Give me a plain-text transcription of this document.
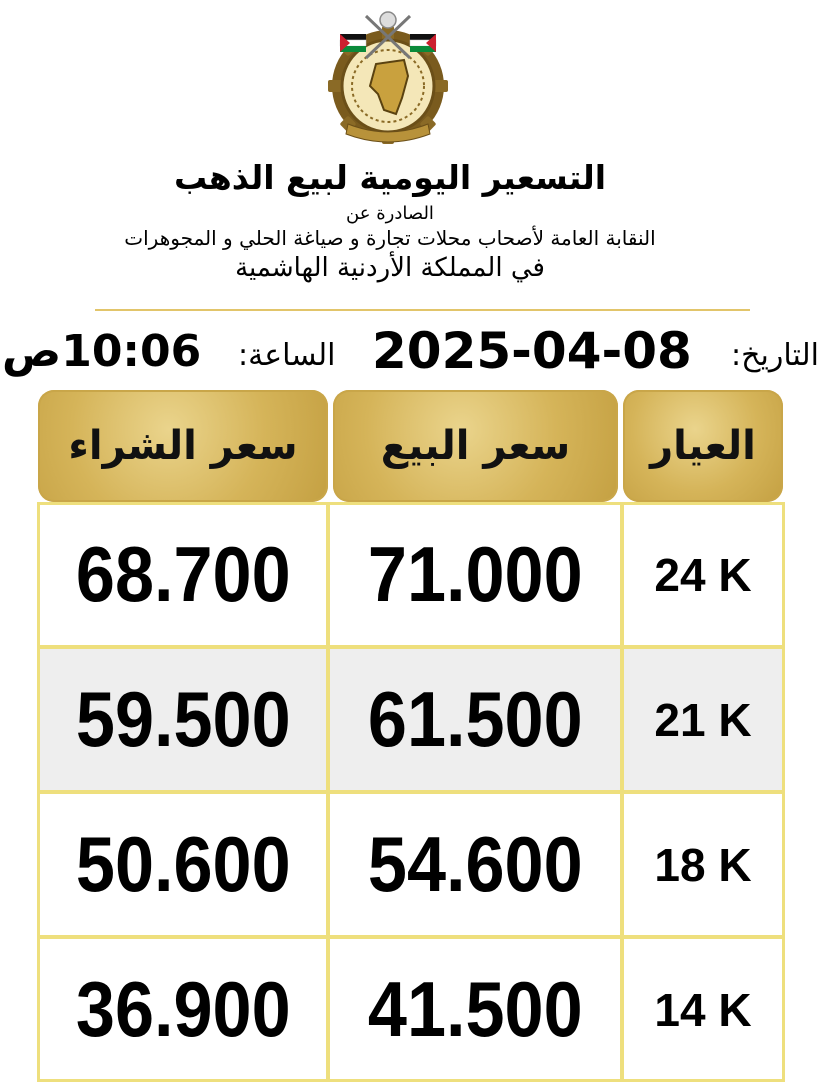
التسعير اليومية لبيع الذهب
الصادرة عن
النقابة العامة لأصحاب محلات تجارة و صياغة الحلي و المجوهرات
في المملكة الأردنية الهاشمية
التاريخ:
2025-04-08
الساعة:
10:06ص
العيار
سعر البيع
سعر الشراء
68.700 71.000 24 K
59.500 61.500 21 K
50.600 54.600 18 K
36.900 41.500 14 K
